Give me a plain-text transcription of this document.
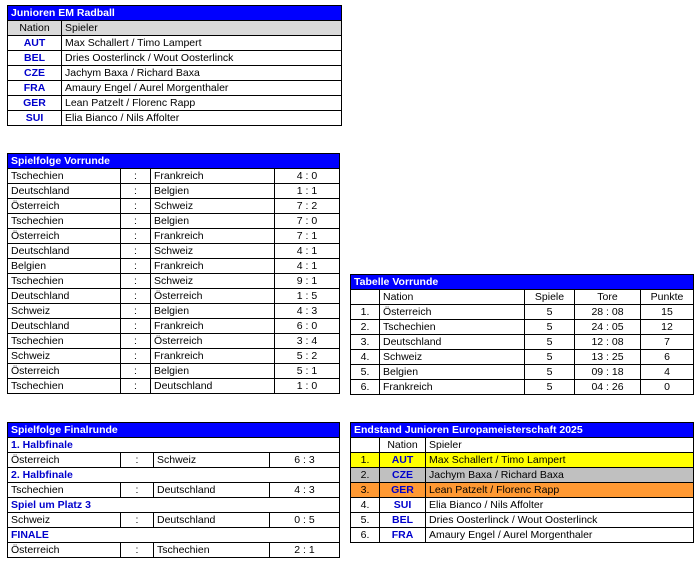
Junioren EM Radball	
Nation	Spieler
AUT	Max Schallert / Timo Lampert
BEL	Dries Oosterlinck / Wout Oosterlinck
CZE	Jachym Baxa / Richard Baxa
FRA	Amaury Engel / Aurel Morgenthaler
GER	Lean Patzelt / Florenc Rapp
SUI	Elia Bianco / Nils Affolter
Spielfolge Vorrunde			
Tschechien	:	Frankreich	4 : 0
Deutschland	:	Belgien	1 : 1
Österreich	:	Schweiz	7 : 2
Tschechien	:	Belgien	7 : 0
Österreich	:	Frankreich	7 : 1
Deutschland	:	Schweiz	4 : 1
Belgien	:	Frankreich	4 : 1
Tschechien	:	Schweiz	9 : 1
Deutschland	:	Österreich	1 : 5
Schweiz	:	Belgien	4 : 3
Deutschland	:	Frankreich	6 : 0
Tschechien	:	Österreich	3 : 4
Schweiz	:	Frankreich	5 : 2
Österreich	:	Belgien	5 : 1
Tschechien	:	Deutschland	1 : 0
Tabelle Vorrunde				
	Nation	Spiele	Tore	Punkte
1.	Österreich	5	28 : 08	15
2.	Tschechien	5	24 : 05	12
3.	Deutschland	5	12 : 08	7
4.	Schweiz	5	13 : 25	6
5.	Belgien	5	09 : 18	4
6.	Frankreich	5	04 : 26	0
Spielfolge Finalrunde			
1. Halbfinale			
Österreich	:	Schweiz	6 : 3
2. Halbfinale			
Tschechien	:	Deutschland	4 : 3
Spiel um Platz 3			
Schweiz	:	Deutschland	0 : 5
FINALE			
Österreich	:	Tschechien	2 : 1
Endstand Junioren Europameisterschaft 2025		
	Nation	Spieler
1.	AUT	Max Schallert / Timo Lampert
2.	CZE	Jachym Baxa / Richard Baxa
3.	GER	Lean Patzelt / Florenc Rapp
4.	SUI	Elia Bianco / Nils Affolter
5.	BEL	Dries Oosterlinck / Wout Oosterlinck
6.	FRA	Amaury Engel / Aurel Morgenthaler
